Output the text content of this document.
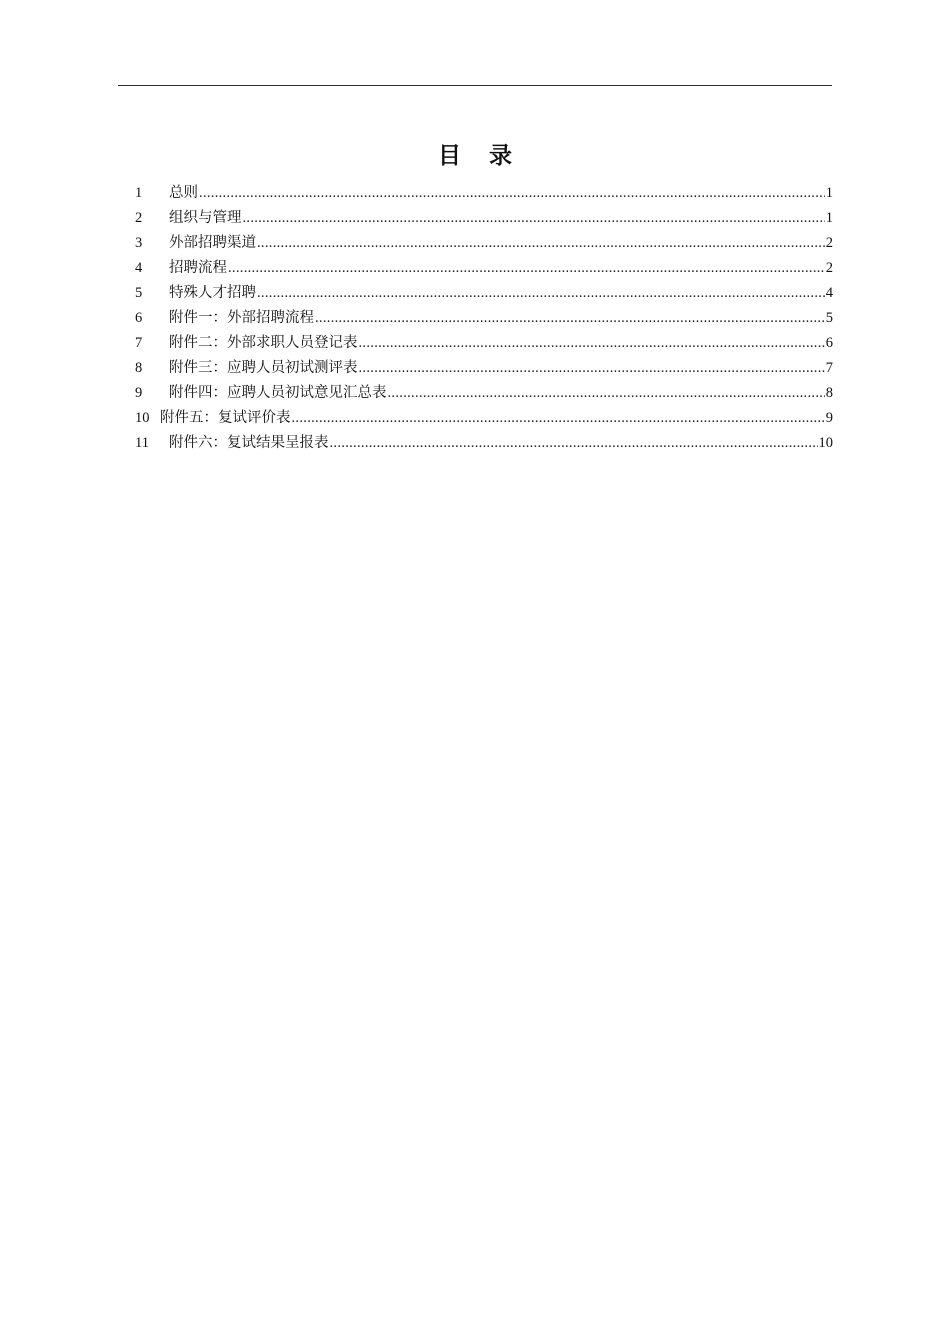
目 录
1	总则 .....	1
2	组织与管理 .....	1
3	外部招聘渠道 .....	2
4	招聘流程 .....	2
5	特殊人才招聘 .....	4
6	附件一：外部招聘流程 .....	5
7	附件二：外部求职人员登记表 .....	6
8	附件三：应聘人员初试测评表 .....	7
9	附件四：应聘人员初试意见汇总表 .....	8
10 附件五：复试评价表 .....	9
11	附件六：复试结果呈报表 .....	10
